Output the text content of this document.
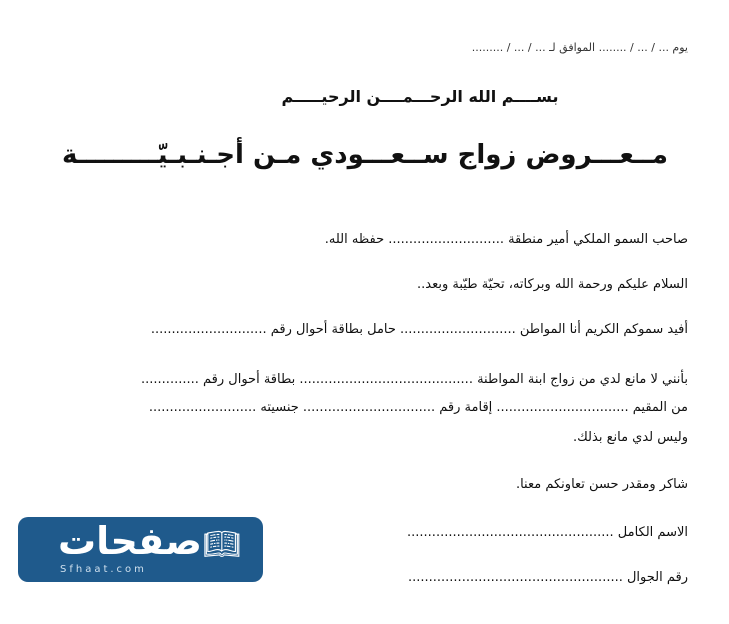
يوم ... / ... / ........ الموافق لـ ... / ... / .........
بســــم الله الرحـــمــــن الرحيـــــم
مــعـــروض زواج ســعـــودي مـن أجـنـبـيّـــــــــة
صاحب السمو الملكي أمير منطقة ............................ حفظه الله.
السلام عليكم ورحمة الله وبركاته، تحيّة طيّبة وبعد..
أفيد سموكم الكريم أنا المواطن ............................ حامل بطاقة أحوال رقم ............................
بأنني لا مانع لدي من زواج ابنة المواطنة .......................................... بطاقة أحوال رقم ..............
من المقيم ................................ إقامة رقم ................................ جنسيته ..........................
وليس لدي مانع بذلك.
شاكر ومقدر حسن تعاونكم معنا.
الاسم الكامل ..................................................
رقم الجوال ....................................................
صفحات 📖︎
Sfhaat.com
